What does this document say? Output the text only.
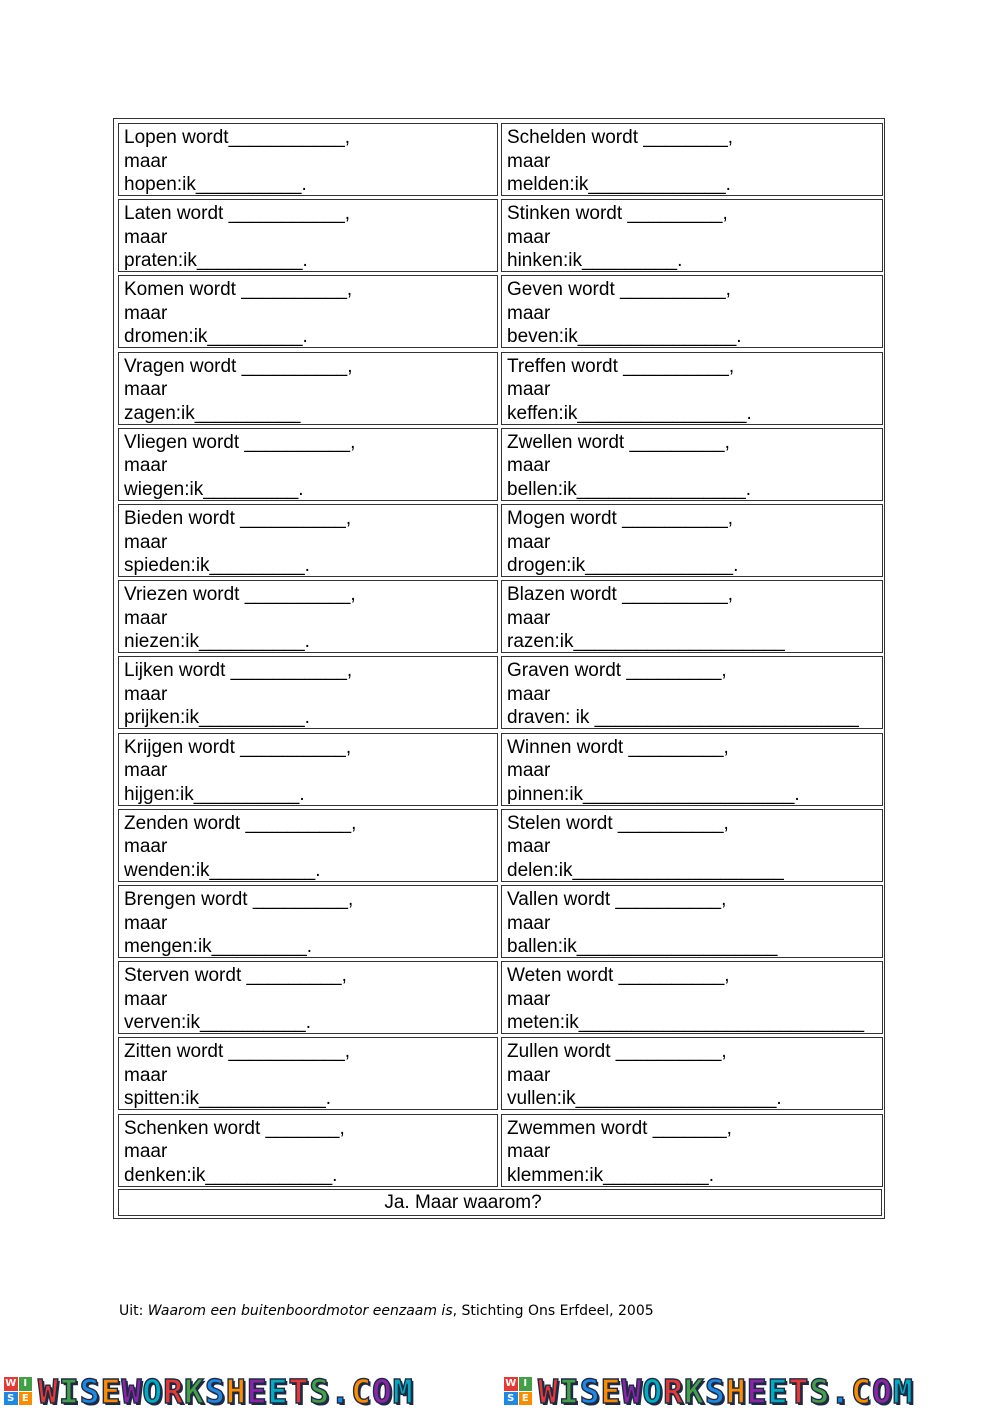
Lopen wordt___________,
maar
hopen:ik__________.
Schelden wordt ________,
maar
melden:ik_____________.
Laten wordt ___________,
maar
praten:ik__________.
Stinken wordt _________,
maar
hinken:ik_________.
Komen wordt __________,
maar
dromen:ik_________.
Geven wordt __________,
maar
beven:ik_______________.
Vragen wordt __________,
maar
zagen:ik__________
Treffen wordt __________,
maar
keffen:ik________________.
Vliegen wordt __________,
maar
wiegen:ik_________.
Zwellen wordt _________,
maar
bellen:ik________________.
Bieden wordt __________,
maar
spieden:ik_________.
Mogen wordt __________,
maar
drogen:ik______________.
Vriezen wordt __________,
maar
niezen:ik__________.
Blazen wordt __________,
maar
razen:ik____________________
Lijken wordt ___________,
maar
prijken:ik__________.
Graven wordt _________,
maar
draven: ik _________________________
Krijgen wordt __________,
maar
hijgen:ik__________.
Winnen wordt _________,
maar
pinnen:ik____________________.
Zenden wordt __________,
maar
wenden:ik__________.
Stelen wordt __________,
maar
delen:ik____________________
Brengen wordt _________,
maar
mengen:ik_________.
Vallen wordt __________,
maar
ballen:ik___________________
Sterven wordt _________,
maar
verven:ik__________.
Weten wordt __________,
maar
meten:ik___________________________
Zitten wordt ___________,
maar
spitten:ik____________.
Zullen wordt __________,
maar
vullen:ik___________________.
Schenken wordt _______,
maar
denken:ik____________.
Zwemmen wordt _______,
maar
klemmen:ik__________.
Ja. Maar waarom?
Uit: Waarom een buitenboordmotor eenzaam is, Stichting Ons Erfdeel, 2005
W I
S E W I S E W O R K S H E E T S . C O M	W I
S E W I S E W O R K S H E E T S . C O M
